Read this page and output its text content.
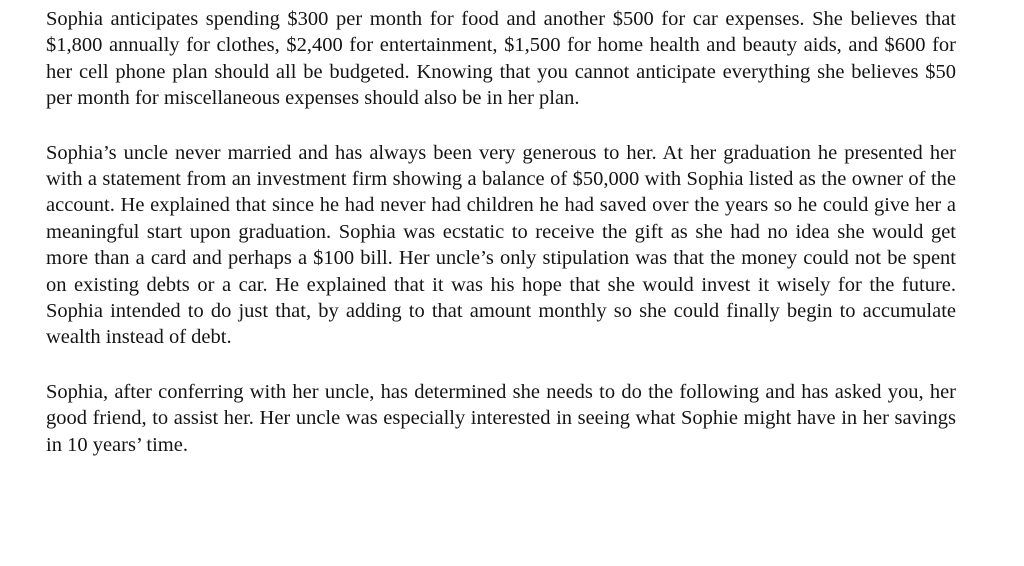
Sophia anticipates spending $300 per month for food and another $500 for car expenses. She believes that $1,800 annually for clothes, $2,400 for entertainment, $1,500 for home health and beauty aids, and $600 for her cell phone plan should all be budgeted. Knowing that you cannot anticipate everything she believes $50 per month for miscellaneous expenses should also be in her plan.

Sophia’s uncle never married and has always been very generous to her. At her graduation he presented her with a statement from an investment firm showing a balance of $50,000 with Sophia listed as the owner of the account. He explained that since he had never had children he had saved over the years so he could give her a meaningful start upon graduation. Sophia was ecstatic to receive the gift as she had no idea she would get more than a card and perhaps a $100 bill. Her uncle’s only stipulation was that the money could not be spent on existing debts or a car. He explained that it was his hope that she would invest it wisely for the future. Sophia intended to do just that, by adding to that amount monthly so she could finally begin to accumulate wealth instead of debt.

Sophia, after conferring with her uncle, has determined she needs to do the following and has asked you, her good friend, to assist her. Her uncle was especially interested in seeing what Sophie might have in her savings in 10 years’ time.
